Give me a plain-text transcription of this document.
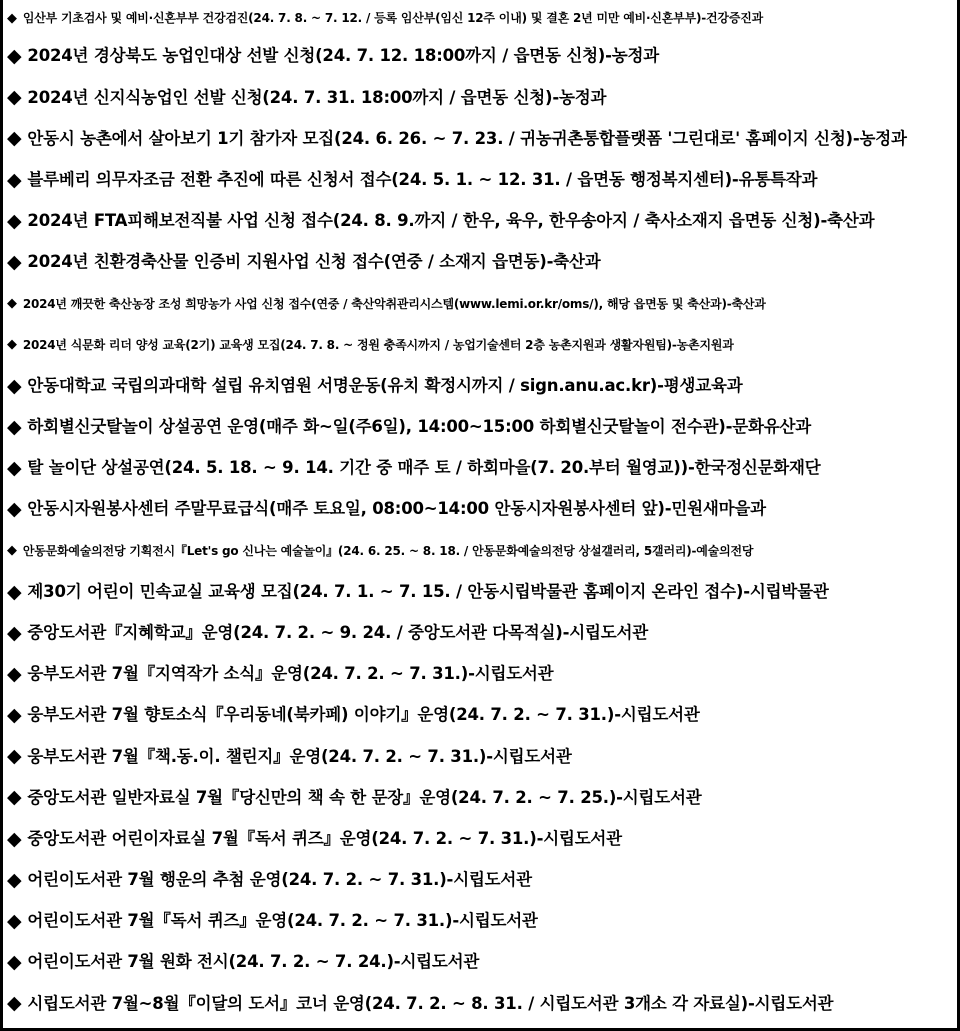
◆ 임산부 기초검사 및 예비·신혼부부 건강검진(24. 7. 8. ~ 7. 12. / 등록 임산부(임신 12주 이내) 및 결혼 2년 미만 예비·신혼부부)-건강증진과
◆ 2024년 경상북도 농업인대상 선발 신청(24. 7. 12. 18:00까지 / 읍면동 신청)-농정과
◆ 2024년 신지식농업인 선발 신청(24. 7. 31. 18:00까지 / 읍면동 신청)-농정과
◆ 안동시 농촌에서 살아보기 1기 참가자 모집(24. 6. 26. ~ 7. 23. / 귀농귀촌통합플랫폼 '그린대로' 홈페이지 신청)-농정과
◆ 블루베리 의무자조금 전환 추진에 따른 신청서 접수(24. 5. 1. ~ 12. 31. / 읍면동 행정복지센터)-유통특작과
◆ 2024년 FTA피해보전직불 사업 신청 접수(24. 8. 9.까지 / 한우, 육우, 한우송아지 / 축사소재지 읍면동 신청)-축산과
◆ 2024년 친환경축산물 인증비 지원사업 신청 접수(연중 / 소재지 읍면동)-축산과
◆ 2024년 깨끗한 축산농장 조성 희망농가 사업 신청 접수(연중 / 축산악취관리시스템(www.lemi.or.kr/oms/), 해당 읍면동 및 축산과)-축산과
◆ 2024년 식문화 리더 양성 교육(2기) 교육생 모집(24. 7. 8. ~ 정원 충족시까지 / 농업기술센터 2층 농촌지원과 생활자원팀)-농촌지원과
◆ 안동대학교 국립의과대학 설립 유치염원 서명운동(유치 확정시까지 / sign.anu.ac.kr)-평생교육과
◆ 하회별신굿탈놀이 상설공연 운영(매주 화~일(주6일), 14:00~15:00 하회별신굿탈놀이 전수관)-문화유산과
◆ 탈 놀이단 상설공연(24. 5. 18. ~ 9. 14. 기간 중 매주 토 / 하회마을(7. 20.부터 월영교))-한국정신문화재단
◆ 안동시자원봉사센터 주말무료급식(매주 토요일, 08:00~14:00 안동시자원봉사센터 앞)-민원새마을과
◆ 안동문화예술의전당 기획전시『Let's go 신나는 예술놀이』(24. 6. 25. ~ 8. 18. / 안동문화예술의전당 상설갤러리, 5갤러리)-예술의전당
◆ 제30기 어린이 민속교실 교육생 모집(24. 7. 1. ~ 7. 15. / 안동시립박물관 홈페이지 온라인 접수)-시립박물관
◆ 중앙도서관『지혜학교』운영(24. 7. 2. ~ 9. 24. / 중앙도서관 다목적실)-시립도서관
◆ 웅부도서관 7월『지역작가 소식』운영(24. 7. 2. ~ 7. 31.)-시립도서관
◆ 웅부도서관 7월 향토소식『우리동네(북카페) 이야기』운영(24. 7. 2. ~ 7. 31.)-시립도서관
◆ 웅부도서관 7월『책.동.이. 챌린지』운영(24. 7. 2. ~ 7. 31.)-시립도서관
◆ 중앙도서관 일반자료실 7월『당신만의 책 속 한 문장』운영(24. 7. 2. ~ 7. 25.)-시립도서관
◆ 중앙도서관 어린이자료실 7월『독서 퀴즈』운영(24. 7. 2. ~ 7. 31.)-시립도서관
◆ 어린이도서관 7월 행운의 추첨 운영(24. 7. 2. ~ 7. 31.)-시립도서관
◆ 어린이도서관 7월『독서 퀴즈』운영(24. 7. 2. ~ 7. 31.)-시립도서관
◆ 어린이도서관 7월 원화 전시(24. 7. 2. ~ 7. 24.)-시립도서관
◆ 시립도서관 7월~8월『이달의 도서』코너 운영(24. 7. 2. ~ 8. 31. / 시립도서관 3개소 각 자료실)-시립도서관
